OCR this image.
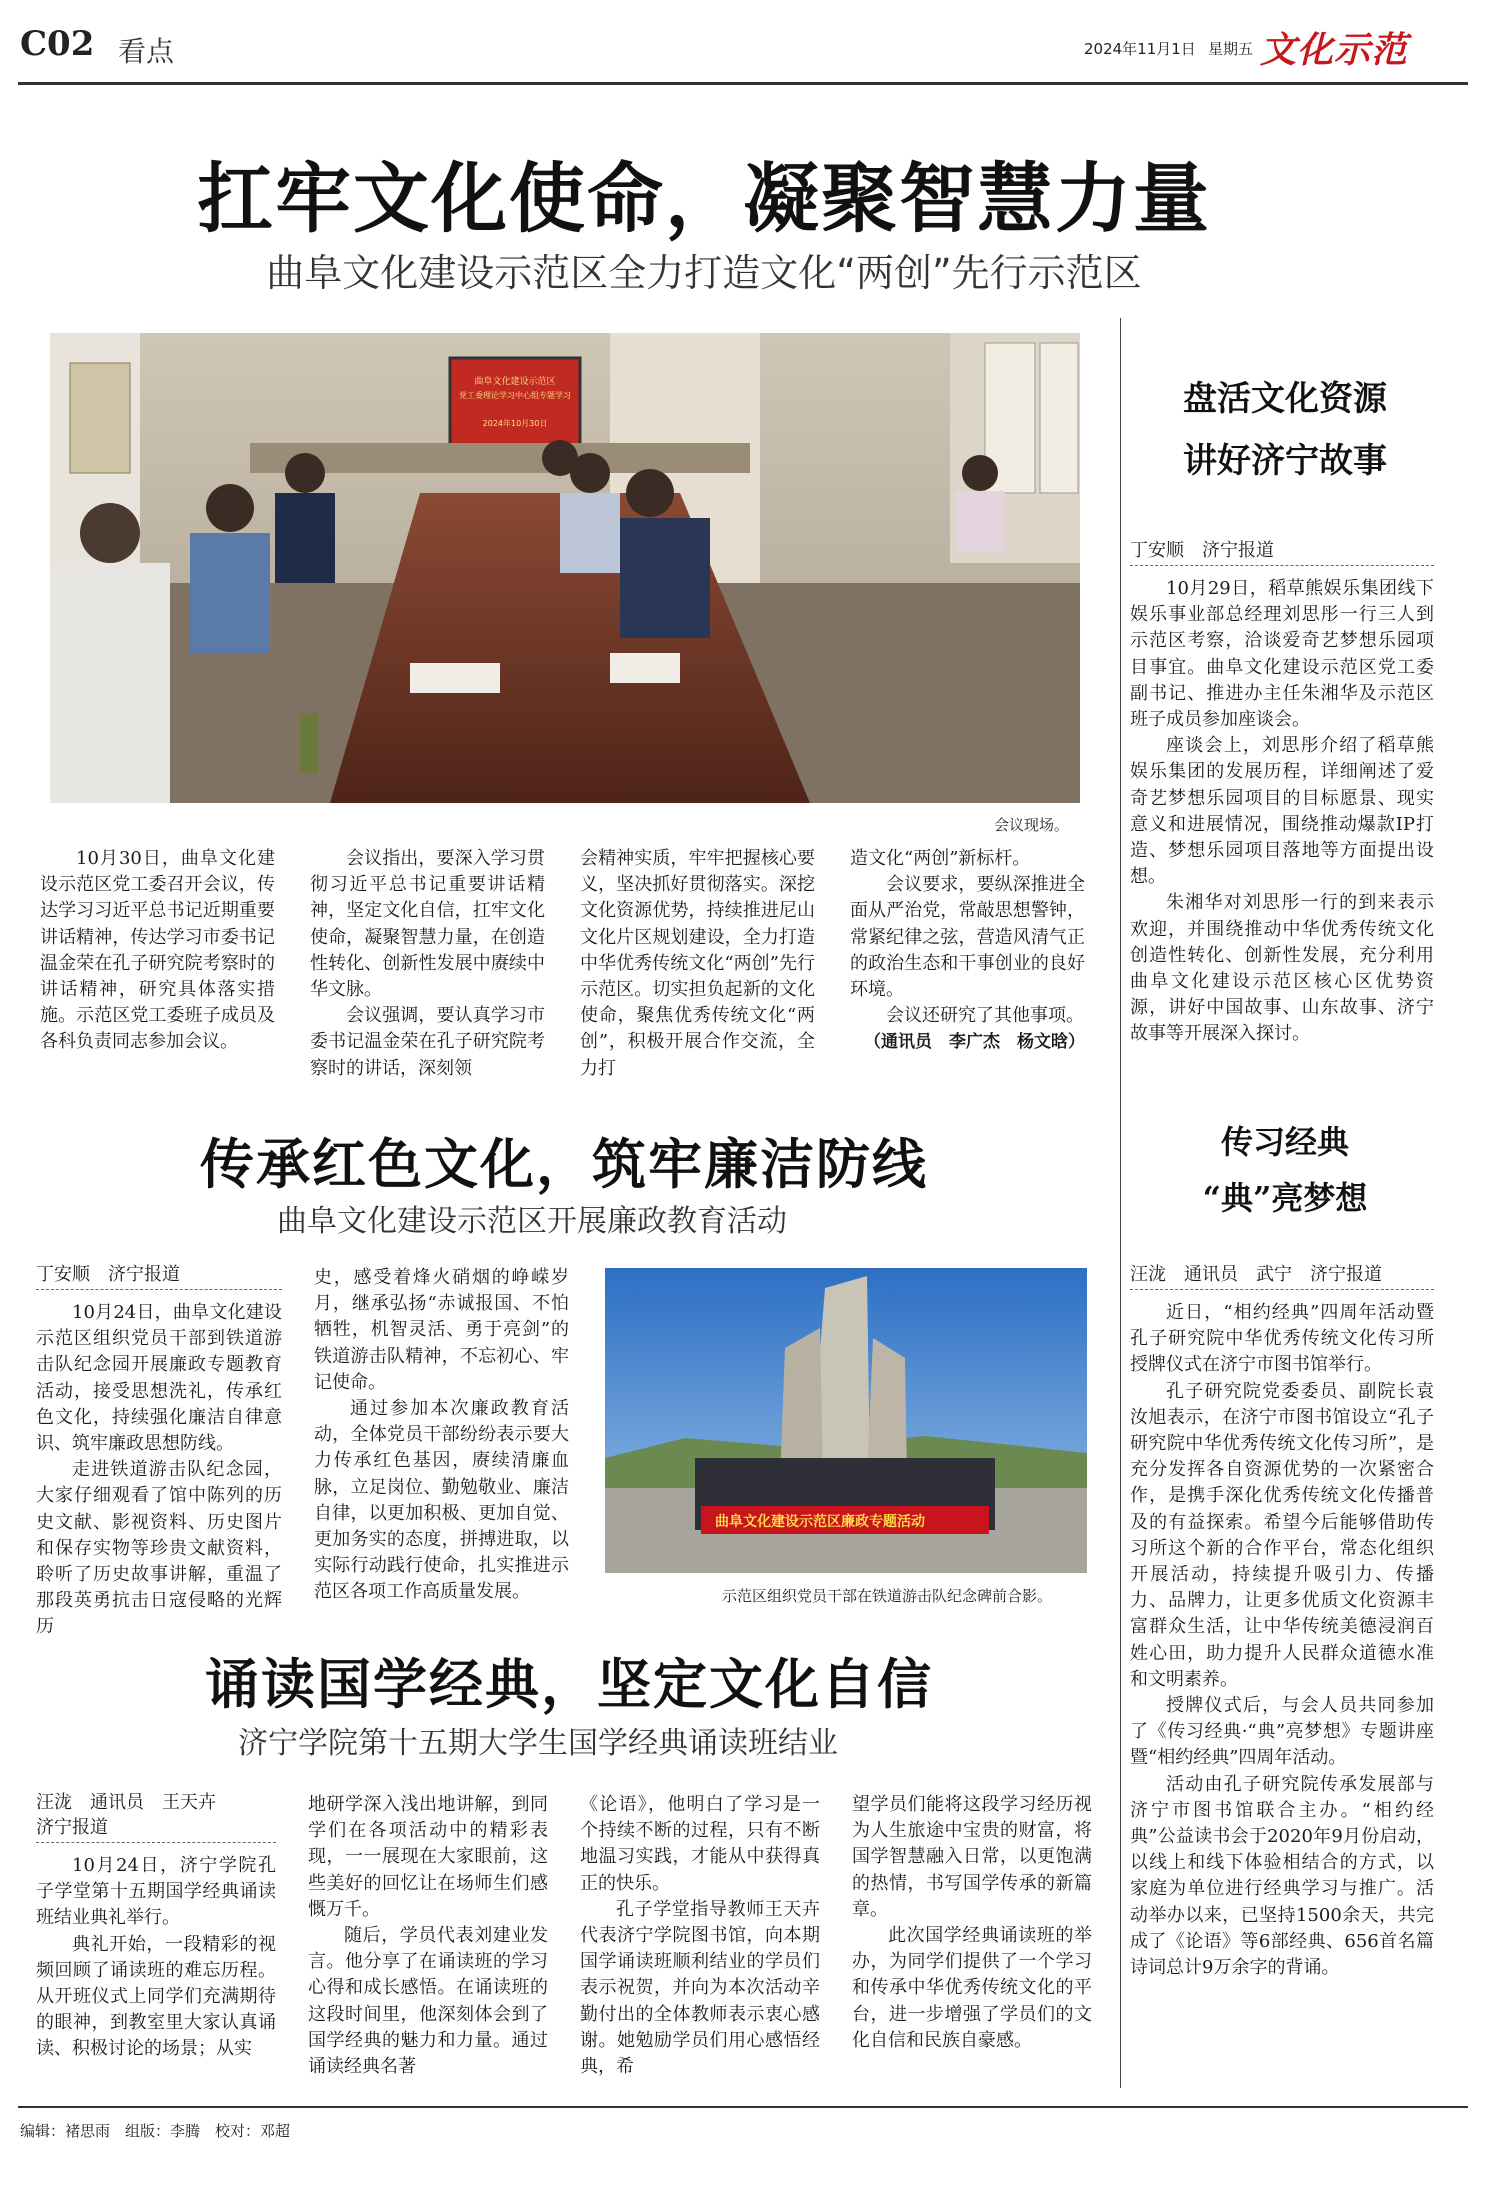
C02 看点	2024年11月1日 星期五 文化示范
扛牢文化使命，凝聚智慧力量
曲阜文化建设示范区全力打造文化“两创”先行示范区
曲阜文化建设示范区
党工委理论学习中心组专题学习
2024年10月30日
会议现场。

10月30日，曲阜文化建设示范区党工委召开会议，传达学习习近平总书记近期重要讲话精神，传达学习市委书记温金荣在孔子研究院考察时的讲话精神，研究具体落实措施。示范区党工委班子成员及各科负责同志参加会议。

会议指出，要深入学习贯彻习近平总书记重要讲话精神，坚定文化自信，扛牢文化使命，凝聚智慧力量，在创造性转化、创新性发展中赓续中华文脉。

会议强调，要认真学习市委书记温金荣在孔子研究院考察时的讲话，深刻领

会精神实质，牢牢把握核心要义，坚决抓好贯彻落实。深挖文化资源优势，持续推进尼山文化片区规划建设，全力打造中华优秀传统文化“两创”先行示范区。切实担负起新的文化使命，聚焦优秀传统文化“两创”，积极开展合作交流，全力打

造文化“两创”新标杆。

会议要求，要纵深推进全面从严治党，常敲思想警钟，常紧纪律之弦，营造风清气正的政治生态和干事创业的良好环境。

会议还研究了其他事项。

（通讯员　李广杰　杨文晗）

盘活文化资源
讲好济宁故事
丁安顺　济宁报道

10月29日，稻草熊娱乐集团线下娱乐事业部总经理刘思彤一行三人到示范区考察，洽谈爱奇艺梦想乐园项目事宜。曲阜文化建设示范区党工委副书记、推进办主任朱湘华及示范区班子成员参加座谈会。

座谈会上，刘思彤介绍了稻草熊娱乐集团的发展历程，详细阐述了爱奇艺梦想乐园项目的目标愿景、现实意义和进展情况，围绕推动爆款IP打造、梦想乐园项目落地等方面提出设想。

朱湘华对刘思彤一行的到来表示欢迎，并围绕推动中华优秀传统文化创造性转化、创新性发展，充分利用曲阜文化建设示范区核心区优势资源，讲好中国故事、山东故事、济宁故事等开展深入探讨。

传承红色文化，筑牢廉洁防线
曲阜文化建设示范区开展廉政教育活动
丁安顺　济宁报道

10月24日，曲阜文化建设示范区组织党员干部到铁道游击队纪念园开展廉政专题教育活动，接受思想洗礼，传承红色文化，持续强化廉洁自律意识、筑牢廉政思想防线。

走进铁道游击队纪念园，大家仔细观看了馆中陈列的历史文献、影视资料、历史图片和保存实物等珍贵文献资料，聆听了历史故事讲解，重温了那段英勇抗击日寇侵略的光辉历

史，感受着烽火硝烟的峥嵘岁月，继承弘扬“赤诚报国、不怕牺牲，机智灵活、勇于亮剑”的铁道游击队精神，不忘初心、牢记使命。

通过参加本次廉政教育活动，全体党员干部纷纷表示要大力传承红色基因，赓续清廉血脉，立足岗位、勤勉敬业、廉洁自律，以更加积极、更加自觉、更加务实的态度，拼搏进取，以实际行动践行使命，扎实推进示范区各项工作高质量发展。

曲阜文化建设示范区廉政专题活动
示范区组织党员干部在铁道游击队纪念碑前合影。
传习经典
“典”亮梦想
汪泷　通讯员　武宁　济宁报道

近日，“相约经典”四周年活动暨孔子研究院中华优秀传统文化传习所授牌仪式在济宁市图书馆举行。

孔子研究院党委委员、副院长袁汝旭表示，在济宁市图书馆设立“孔子研究院中华优秀传统文化传习所”，是充分发挥各自资源优势的一次紧密合作，是携手深化优秀传统文化传播普及的有益探索。希望今后能够借助传习所这个新的合作平台，常态化组织开展活动，持续提升吸引力、传播力、品牌力，让更多优质文化资源丰富群众生活，让中华传统美德浸润百姓心田，助力提升人民群众道德水准和文明素养。

授牌仪式后，与会人员共同参加了《传习经典·“典”亮梦想》专题讲座暨“相约经典”四周年活动。

活动由孔子研究院传承发展部与济宁市图书馆联合主办。“相约经典”公益读书会于2020年9月份启动，以线上和线下体验相结合的方式，以家庭为单位进行经典学习与推广。活动举办以来，已坚持1500余天，共完成了《论语》等6部经典、656首名篇诗词总计9万余字的背诵。

诵读国学经典，坚定文化自信
济宁学院第十五期大学生国学经典诵读班结业
汪泷　通讯员　王天卉
济宁报道

10月24日，济宁学院孔子学堂第十五期国学经典诵读班结业典礼举行。

典礼开始，一段精彩的视频回顾了诵读班的难忘历程。从开班仪式上同学们充满期待的眼神，到教室里大家认真诵读、积极讨论的场景；从实

地研学深入浅出地讲解，到同学们在各项活动中的精彩表现，一一展现在大家眼前，这些美好的回忆让在场师生们感慨万千。

随后，学员代表刘建业发言。他分享了在诵读班的学习心得和成长感悟。在诵读班的这段时间里，他深刻体会到了国学经典的魅力和力量。通过诵读经典名著

《论语》，他明白了学习是一个持续不断的过程，只有不断地温习实践，才能从中获得真正的快乐。

孔子学堂指导教师王天卉代表济宁学院图书馆，向本期国学诵读班顺利结业的学员们表示祝贺，并向为本次活动辛勤付出的全体教师表示衷心感谢。她勉励学员们用心感悟经典，希

望学员们能将这段学习经历视为人生旅途中宝贵的财富，将国学智慧融入日常，以更饱满的热情，书写国学传承的新篇章。

此次国学经典诵读班的举办，为同学们提供了一个学习和传承中华优秀传统文化的平台，进一步增强了学员们的文化自信和民族自豪感。

编辑：褚思雨　组版：李腾　校对：邓超
